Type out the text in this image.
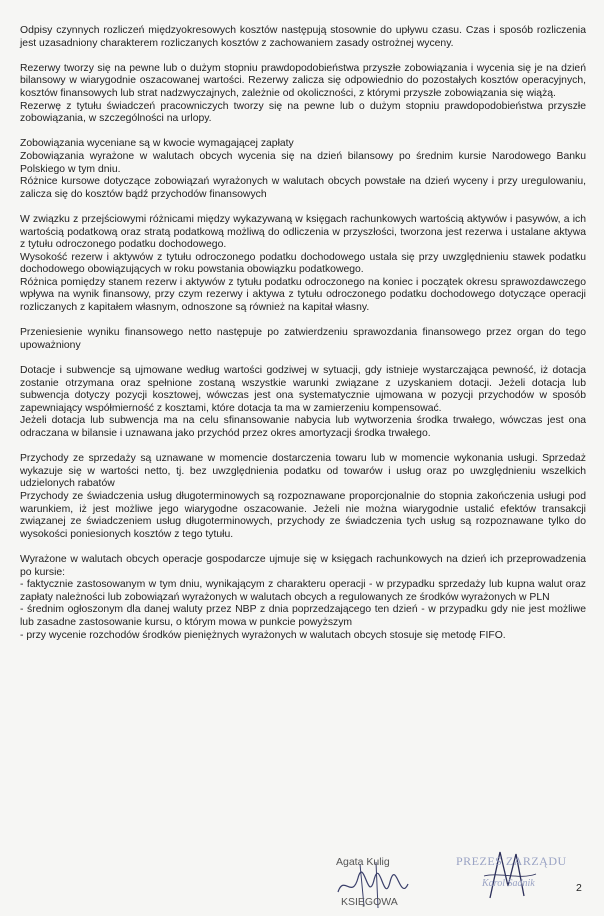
Odpisy czynnych rozliczeń międzyokresowych kosztów następują stosownie do upływu czasu. Czas i sposób rozliczenia jest uzasadniony charakterem rozliczanych kosztów z zachowaniem zasady ostrożnej wyceny.

Rezerwy tworzy się na pewne lub o dużym stopniu prawdopodobieństwa przyszłe zobowiązania i wycenia się je na dzień bilansowy w wiarygodnie oszacowanej wartości. Rezerwy zalicza się odpowiednio do pozostałych kosztów operacyjnych, kosztów finansowych lub strat nadzwyczajnych, zależnie od okoliczności, z którymi przyszłe zobowiązania się wiążą.

Rezerwę z tytułu świadczeń pracowniczych tworzy się na pewne lub o dużym stopniu prawdopodobieństwa przyszłe zobowiązania, w szczególności na urlopy.

Zobowiązania wyceniane są w kwocie wymagającej zapłaty

Zobowiązania wyrażone w walutach obcych wycenia się na dzień bilansowy po średnim kursie Narodowego Banku Polskiego w tym dniu.

Różnice kursowe dotyczące zobowiązań wyrażonych w walutach obcych powstałe na dzień wyceny i przy uregulowaniu, zalicza się do kosztów bądź przychodów finansowych

W związku z przejściowymi różnicami między wykazywaną w księgach rachunkowych wartością aktywów i pasywów, a ich wartością podatkową oraz stratą podatkową możliwą do odliczenia w przyszłości, tworzona jest rezerwa i ustalane aktywa z tytułu odroczonego podatku dochodowego.

Wysokość rezerw i aktywów z tytułu odroczonego podatku dochodowego ustala się przy uwzględnieniu stawek podatku dochodowego obowiązujących w roku powstania obowiązku podatkowego.

Różnica pomiędzy stanem rezerw i aktywów z tytułu podatku odroczonego na koniec i początek okresu sprawozdawczego wpływa na wynik finansowy, przy czym rezerwy i aktywa z tytułu odroczonego podatku dochodowego dotyczące operacji rozliczanych z kapitałem własnym, odnoszone są również na kapitał własny.

Przeniesienie wyniku finansowego netto następuje po zatwierdzeniu sprawozdania finansowego przez organ do tego upoważniony

Dotacje i subwencje są ujmowane według wartości godziwej w sytuacji, gdy istnieje wystarczająca pewność, iż dotacja zostanie otrzymana oraz spełnione zostaną wszystkie warunki związane z uzyskaniem dotacji. Jeżeli dotacja lub subwencja dotyczy pozycji kosztowej, wówczas jest ona systematycznie ujmowana w pozycji przychodów w sposób zapewniający współmierność z kosztami, które dotacja ta ma w zamierzeniu kompensować.

Jeżeli dotacja lub subwencja ma na celu sfinansowanie nabycia lub wytworzenia środka trwałego, wówczas jest ona odraczana w bilansie i uznawana jako przychód przez okres amortyzacji środka trwałego.

Przychody ze sprzedaży są uznawane w momencie dostarczenia towaru lub w momencie wykonania usługi. Sprzedaż wykazuje się w wartości netto, tj. bez uwzględnienia podatku od towarów i usług oraz po uwzględnieniu wszelkich udzielonych rabatów

Przychody ze świadczenia usług długoterminowych są rozpoznawane proporcjonalnie do stopnia zakończenia usługi pod warunkiem, iż jest możliwe jego wiarygodne oszacowanie. Jeżeli nie można wiarygodnie ustalić efektów transakcji związanej ze świadczeniem usług długoterminowych, przychody ze świadczenia tych usług są rozpoznawane tylko do wysokości poniesionych kosztów z tego tytułu.

Wyrażone w walutach obcych operacje gospodarcze ujmuje się w księgach rachunkowych na dzień ich przeprowadzenia po kursie:

- faktycznie zastosowanym w tym dniu, wynikającym z charakteru operacji - w przypadku sprzedaży lub kupna walut oraz zapłaty należności lub zobowiązań wyrażonych w walutach obcych a regulowanych ze środków wyrażonych w PLN

- średnim ogłoszonym dla danej waluty przez NBP z dnia poprzedzającego ten dzień - w przypadku gdy nie jest możliwe lub zasadne zastosowanie kursu, o którym mowa w punkcie powyższym

- przy wycenie rozchodów środków pieniężnych wyrażonych w walutach obcych stosuje się metodę FIFO.

Agata Kulig
KSIĘGOWA
PREZES ZARZĄDU
Karol Sadnik	2
